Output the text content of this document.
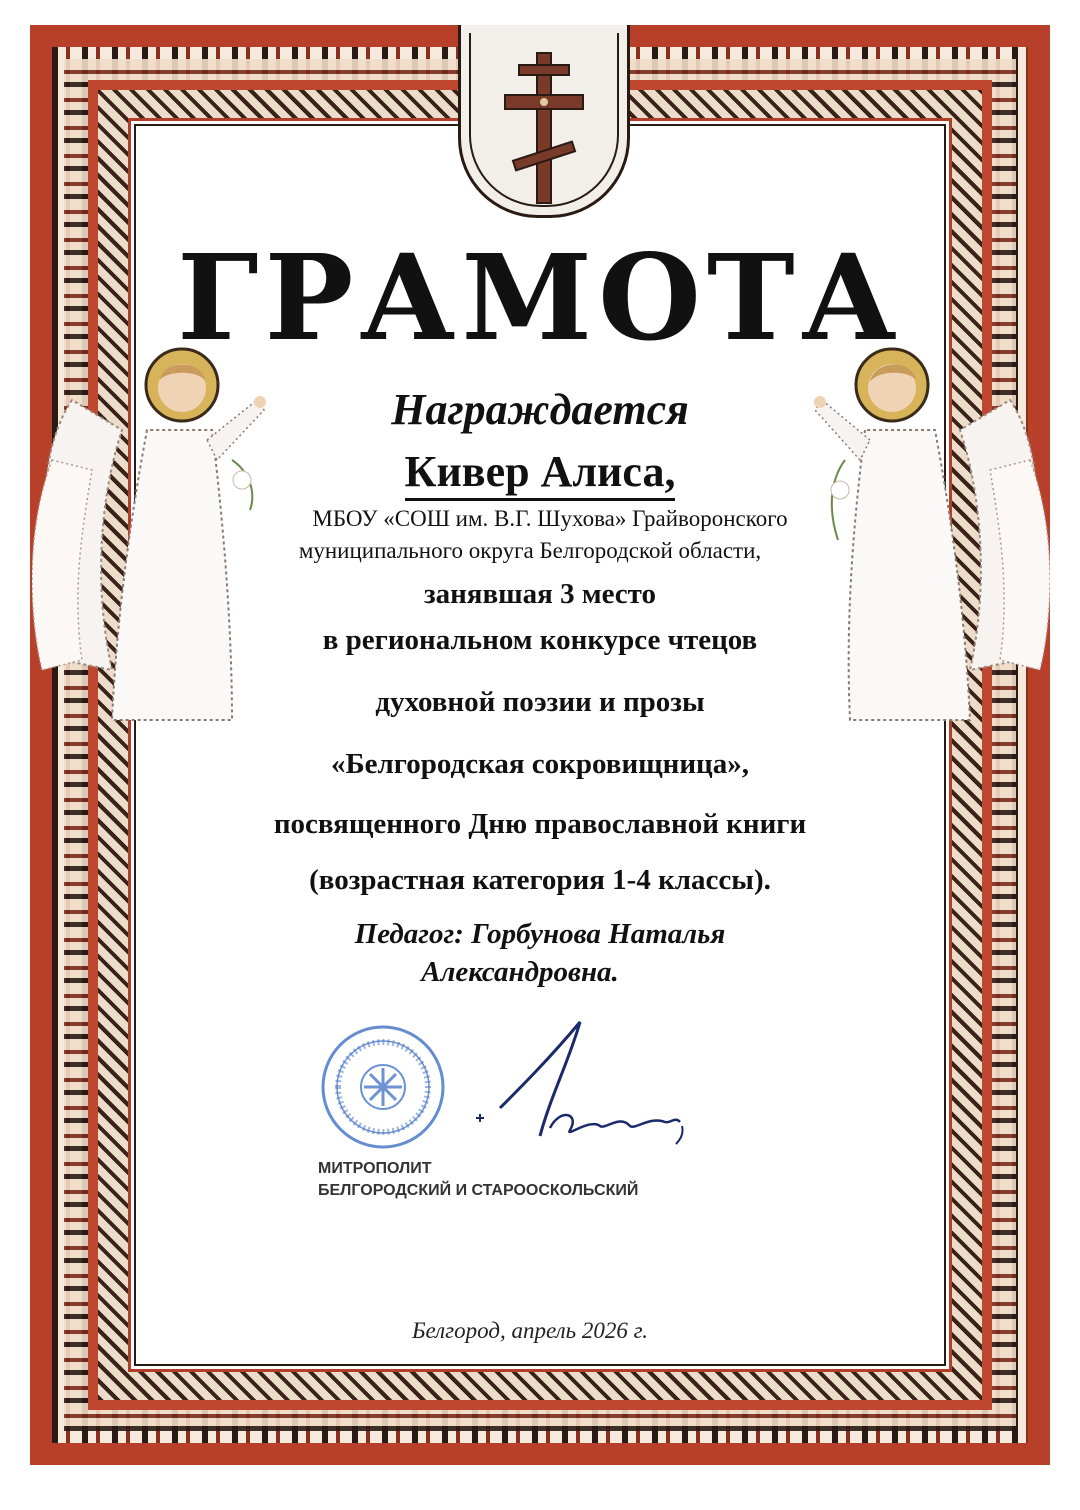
ГРАМОТА
Награждается
Кивер Алиса,
МБОУ «СОШ им. В.Г. Шухова» Грайворонского
муниципального округа Белгородской области,
занявшая 3 место
в региональном конкурсе чтецов
духовной поэзии и прозы
«Белгородская сокровищница»,
посвященного Дню православной книги
(возрастная категория 1-4 классы).
Педагог: Горбунова Наталья
Александровна.
МИТРОПОЛИТ
БЕЛГОРОДСКИЙ И СТАРООСКОЛЬСКИЙ
Белгород, апрель 2026 г.
